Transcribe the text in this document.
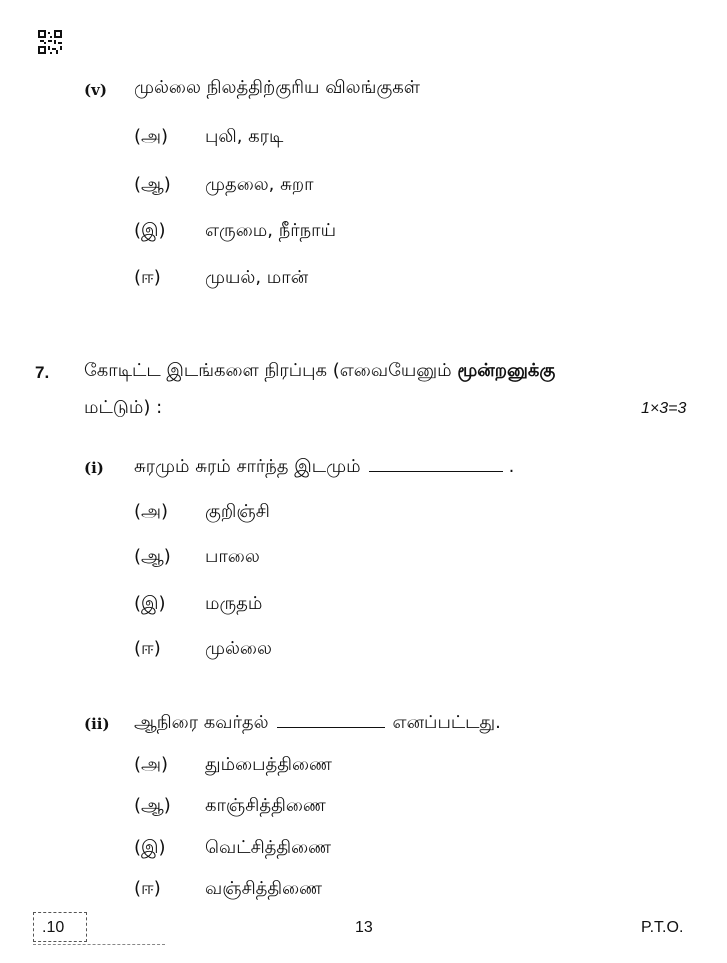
(v) முல்லை நிலத்திற்குரிய விலங்குகள்
(அ) புலி, கரடி
(ஆ) முதலை, சுறா
(இ) எருமை, நீர்நாய்
(ஈ) முயல், மான்
7. கோடிட்ட இடங்களை நிரப்புக (எவையேனும் மூன்றனுக்கு
மட்டும்) :	1×3=3
(i) சுரமும் சுரம் சார்ந்த இடமும்	.
(அ) குறிஞ்சி
(ஆ) பாலை
(இ) மருதம்
(ஈ) முல்லை
(ii) ஆநிரை கவர்தல்	எனப்பட்டது.
(அ) தும்பைத்திணை
(ஆ) காஞ்சித்திணை
(இ) வெட்சித்திணை
(ஈ) வஞ்சித்திணை
.10	13	P.T.O.
